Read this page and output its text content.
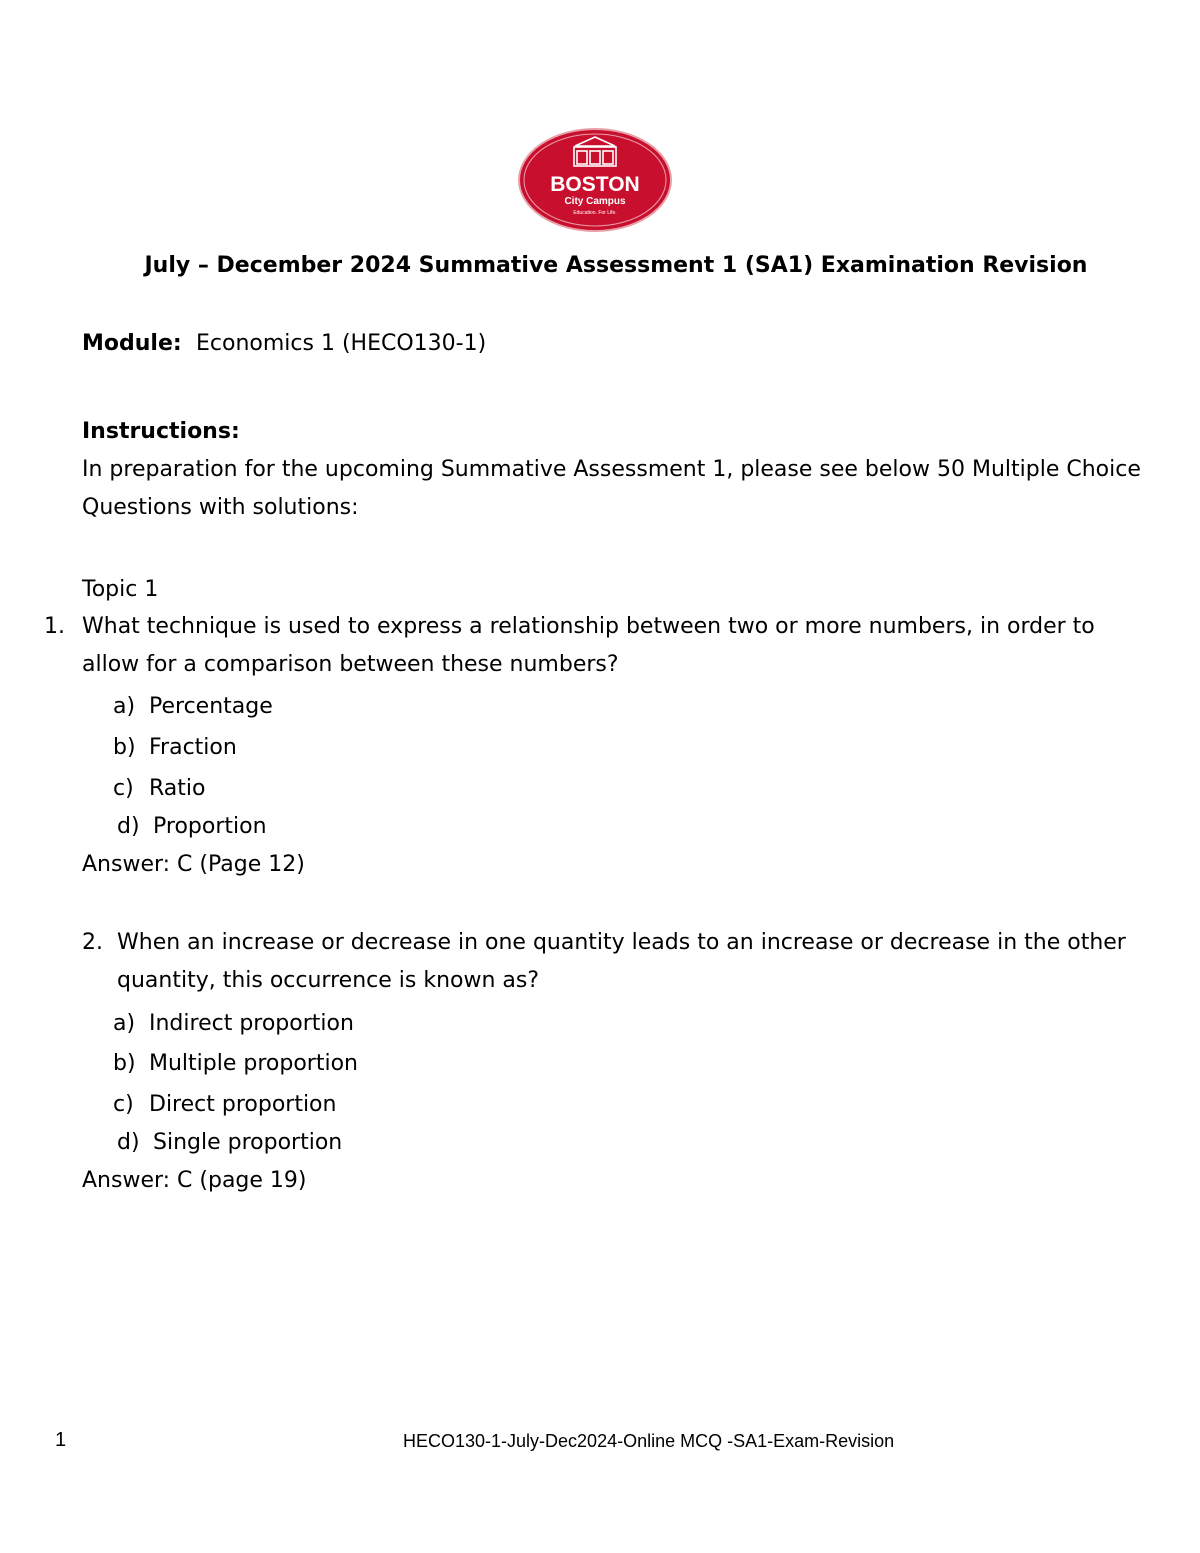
BOSTON
City Campus
Education. For Life.
July – December 2024 Summative Assessment 1 (SA1) Examination Revision
Module: Economics 1 (HECO130-1)
Instructions:
In preparation for the upcoming Summative Assessment 1, please see below 50 Multiple Choice
Questions with solutions:
Topic 1
1. What technique is used to express a relationship between two or more numbers, in order to
allow for a comparison between these numbers?
a) Percentage
b) Fraction
c) Ratio
d) Proportion
Answer: C (Page 12)
2. When an increase or decrease in one quantity leads to an increase or decrease in the other
quantity, this occurrence is known as?
a) Indirect proportion
b) Multiple proportion
c) Direct proportion
d) Single proportion
Answer: C (page 19)
1	HECO130-1-July-Dec2024-Online MCQ -SA1-Exam-Revision
